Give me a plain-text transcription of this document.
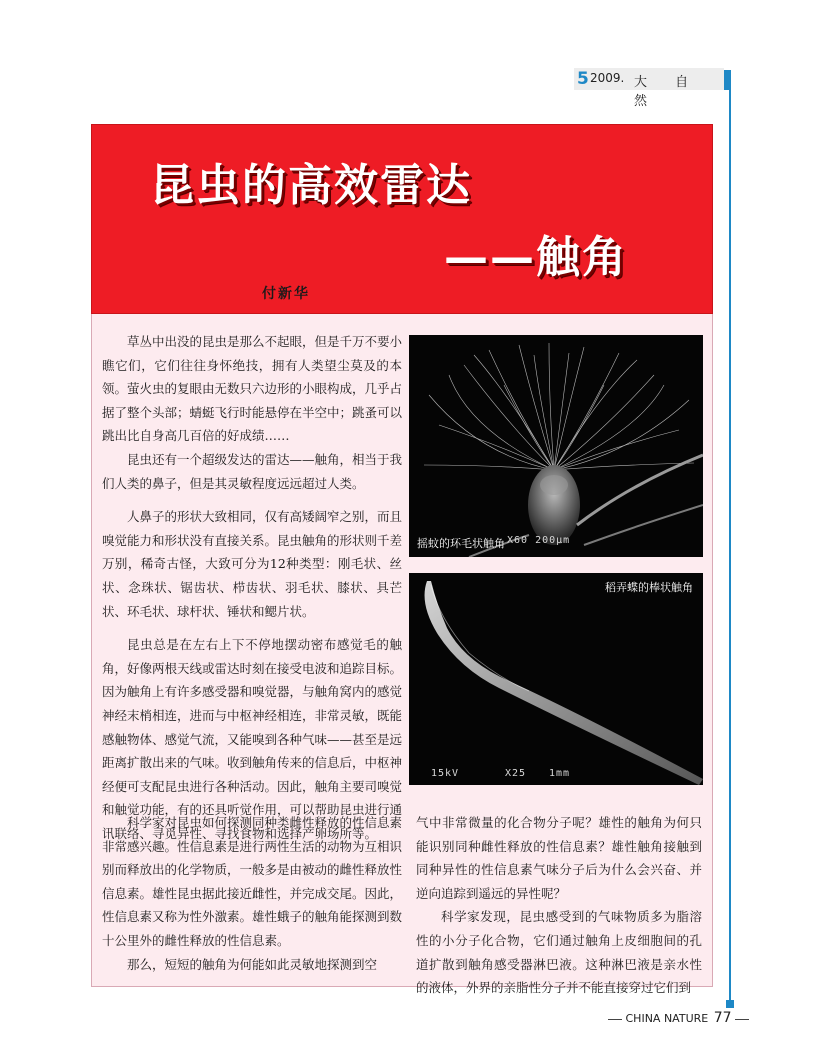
5 2009. 大 自 然
昆虫的高效雷达
——触角
付新华

草丛中出没的昆虫是那么不起眼，但是千万不要小瞧它们，它们往往身怀绝技，拥有人类望尘莫及的本领。萤火虫的复眼由无数只六边形的小眼构成，几乎占据了整个头部；蜻蜓飞行时能悬停在半空中；跳蚤可以跳出比自身高几百倍的好成绩……

昆虫还有一个超级发达的雷达——触角，相当于我们人类的鼻子，但是其灵敏程度远远超过人类。

人鼻子的形状大致相同，仅有高矮阔窄之别，而且嗅觉能力和形状没有直接关系。昆虫触角的形状则千差万别，稀奇古怪，大致可分为12种类型：刚毛状、丝状、念珠状、锯齿状、栉齿状、羽毛状、膝状、具芒状、环毛状、球杆状、锤状和鳃片状。

昆虫总是在左右上下不停地摆动密布感觉毛的触角，好像两根天线或雷达时刻在接受电波和追踪目标。因为触角上有许多感受器和嗅觉器，与触角窝内的感觉神经末梢相连，进而与中枢神经相连，非常灵敏，既能感触物体、感觉气流，又能嗅到各种气味——甚至是远距离扩散出来的气味。收到触角传来的信息后，中枢神经便可支配昆虫进行各种活动。因此，触角主要司嗅觉和触觉功能，有的还具听觉作用，可以帮助昆虫进行通讯联络、寻觅异性、寻找食物和选择产卵场所等。

科学家对昆虫如何探测同种类雌性释放的性信息素非常感兴趣。性信息素是进行两性生活的动物为互相识别而释放出的化学物质，一般多是由被动的雌性释放性信息素。雄性昆虫据此接近雌性，并完成交尾。因此，性信息素又称为性外激素。雄性蛾子的触角能探测到数十公里外的雌性释放的性信息素。

那么，短短的触角为何能如此灵敏地探测到空

气中非常微量的化合物分子呢？雄性的触角为何只能识别同种雌性释放的性信息素？雄性触角接触到同种异性的性信息素气味分子后为什么会兴奋、并逆向追踪到遥远的异性呢？

科学家发现，昆虫感受到的气味物质多为脂溶性的小分子化合物，它们通过触角上皮细胞间的孔道扩散到触角感受器淋巴液。这种淋巴液是亲水性的液体，外界的亲脂性分子并不能直接穿过它们到

摇蚊的环毛状触角 X60 200μm
稻弄蝶的棒状触角
15kV	X25 1mm
CHINA NATURE 77
